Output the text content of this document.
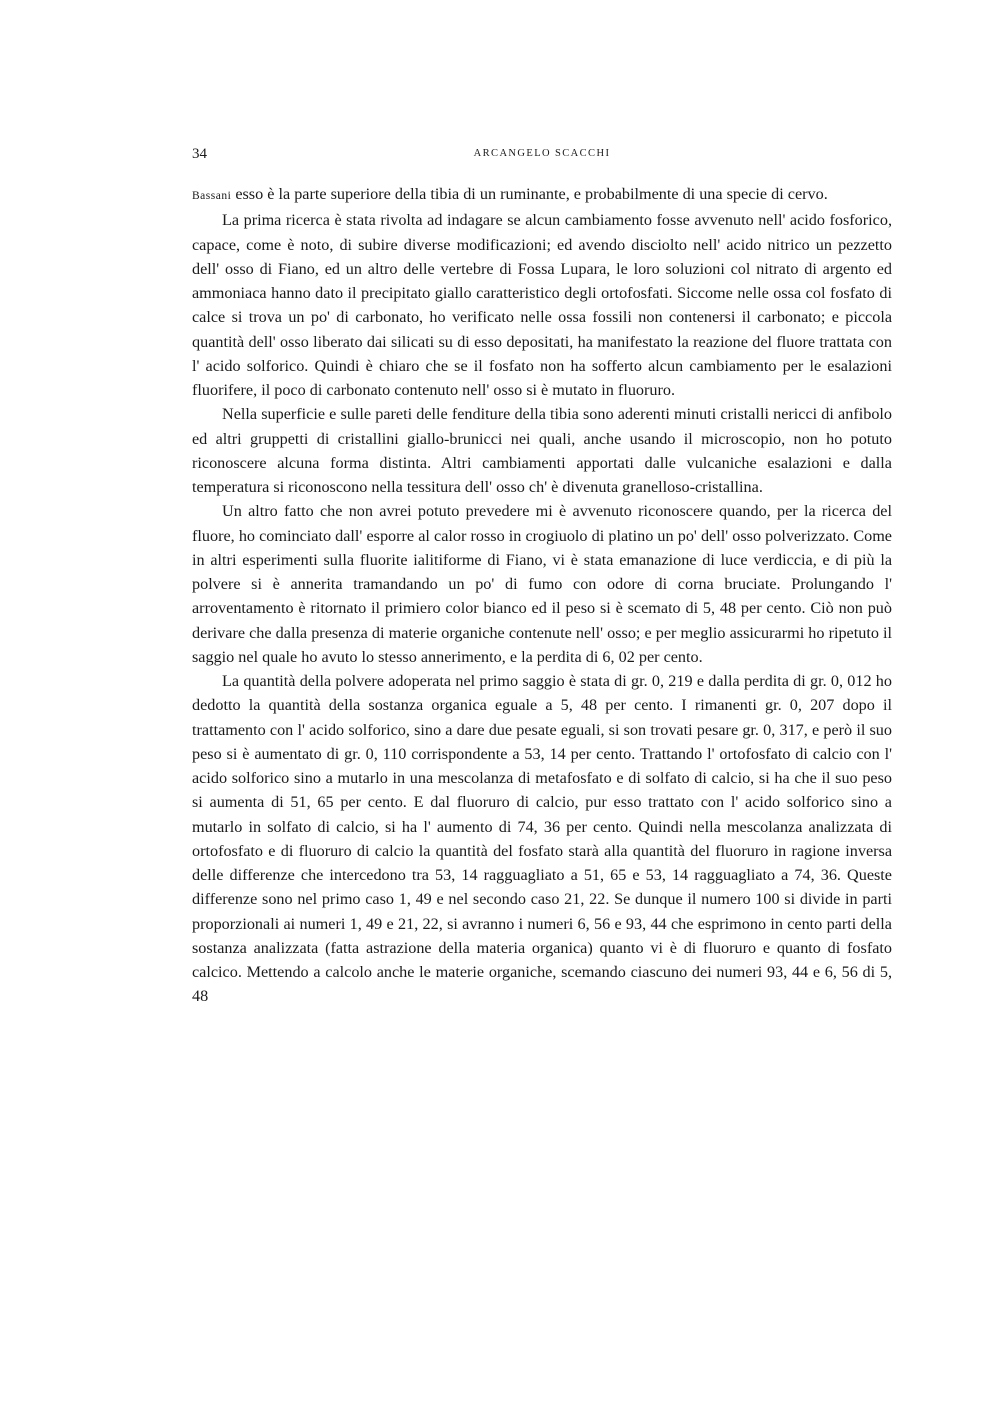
34	ARCANGELO SCACCHI

Bassani esso è la parte superiore della tibia di un ruminante, e probabilmente di una specie di cervo.

La prima ricerca è stata rivolta ad indagare se alcun cambiamento fosse avvenuto nell' acido fosforico, capace, come è noto, di subire diverse modificazioni; ed avendo disciolto nell' acido nitrico un pezzetto dell' osso di Fiano, ed un altro delle vertebre di Fossa Lupara, le loro soluzioni col nitrato di argento ed ammoniaca hanno dato il precipitato giallo caratteristico degli ortofosfati. Siccome nelle ossa col fosfato di calce si trova un po' di carbonato, ho verificato nelle ossa fossili non contenersi il carbonato; e piccola quantità dell' osso liberato dai silicati su di esso depositati, ha manifestato la reazione del fluore trattata con l' acido solforico. Quindi è chiaro che se il fosfato non ha sofferto alcun cambiamento per le esalazioni fluorifere, il poco di carbonato contenuto nell' osso si è mutato in fluoruro.

Nella superficie e sulle pareti delle fenditure della tibia sono aderenti minuti cristalli nericci di anfibolo ed altri gruppetti di cristallini giallo-brunicci nei quali, anche usando il microscopio, non ho potuto riconoscere alcuna forma distinta. Altri cambiamenti apportati dalle vulcaniche esalazioni e dalla temperatura si riconoscono nella tessitura dell' osso ch' è divenuta granelloso-cristallina.

Un altro fatto che non avrei potuto prevedere mi è avvenuto riconoscere quando, per la ricerca del fluore, ho cominciato dall' esporre al calor rosso in crogiuolo di platino un po' dell' osso polverizzato. Come in altri esperimenti sulla fluorite ialitiforme di Fiano, vi è stata emanazione di luce verdiccia, e di più la polvere si è annerita tramandando un po' di fumo con odore di corna bruciate. Prolungando l' arroventamento è ritornato il primiero color bianco ed il peso si è scemato di 5, 48 per cento. Ciò non può derivare che dalla presenza di materie organiche contenute nell' osso; e per meglio assicurarmi ho ripetuto il saggio nel quale ho avuto lo stesso annerimento, e la perdita di 6, 02 per cento.

La quantità della polvere adoperata nel primo saggio è stata di gr. 0, 219 e dalla perdita di gr. 0, 012 ho dedotto la quantità della sostanza organica eguale a 5, 48 per cento. I rimanenti gr. 0, 207 dopo il trattamento con l' acido solforico, sino a dare due pesate eguali, si son trovati pesare gr. 0, 317, e però il suo peso si è aumentato di gr. 0, 110 corrispondente a 53, 14 per cento. Trattando l' ortofosfato di calcio con l' acido solforico sino a mutarlo in una mescolanza di metafosfato e di solfato di calcio, si ha che il suo peso si aumenta di 51, 65 per cento. E dal fluoruro di calcio, pur esso trattato con l' acido solforico sino a mutarlo in solfato di calcio, si ha l' aumento di 74, 36 per cento. Quindi nella mescolanza analizzata di ortofosfato e di fluoruro di calcio la quantità del fosfato starà alla quantità del fluoruro in ragione inversa delle differenze che intercedono tra 53, 14 ragguagliato a 51, 65 e 53, 14 ragguagliato a 74, 36. Queste differenze sono nel primo caso 1, 49 e nel secondo caso 21, 22. Se dunque il numero 100 si divide in parti proporzionali ai numeri 1, 49 e 21, 22, si avranno i numeri 6, 56 e 93, 44 che esprimono in cento parti della sostanza analizzata (fatta astrazione della materia organica) quanto vi è di fluoruro e quanto di fosfato calcico. Mettendo a calcolo anche le materie organiche, scemando ciascuno dei numeri 93, 44 e 6, 56 di 5, 48
